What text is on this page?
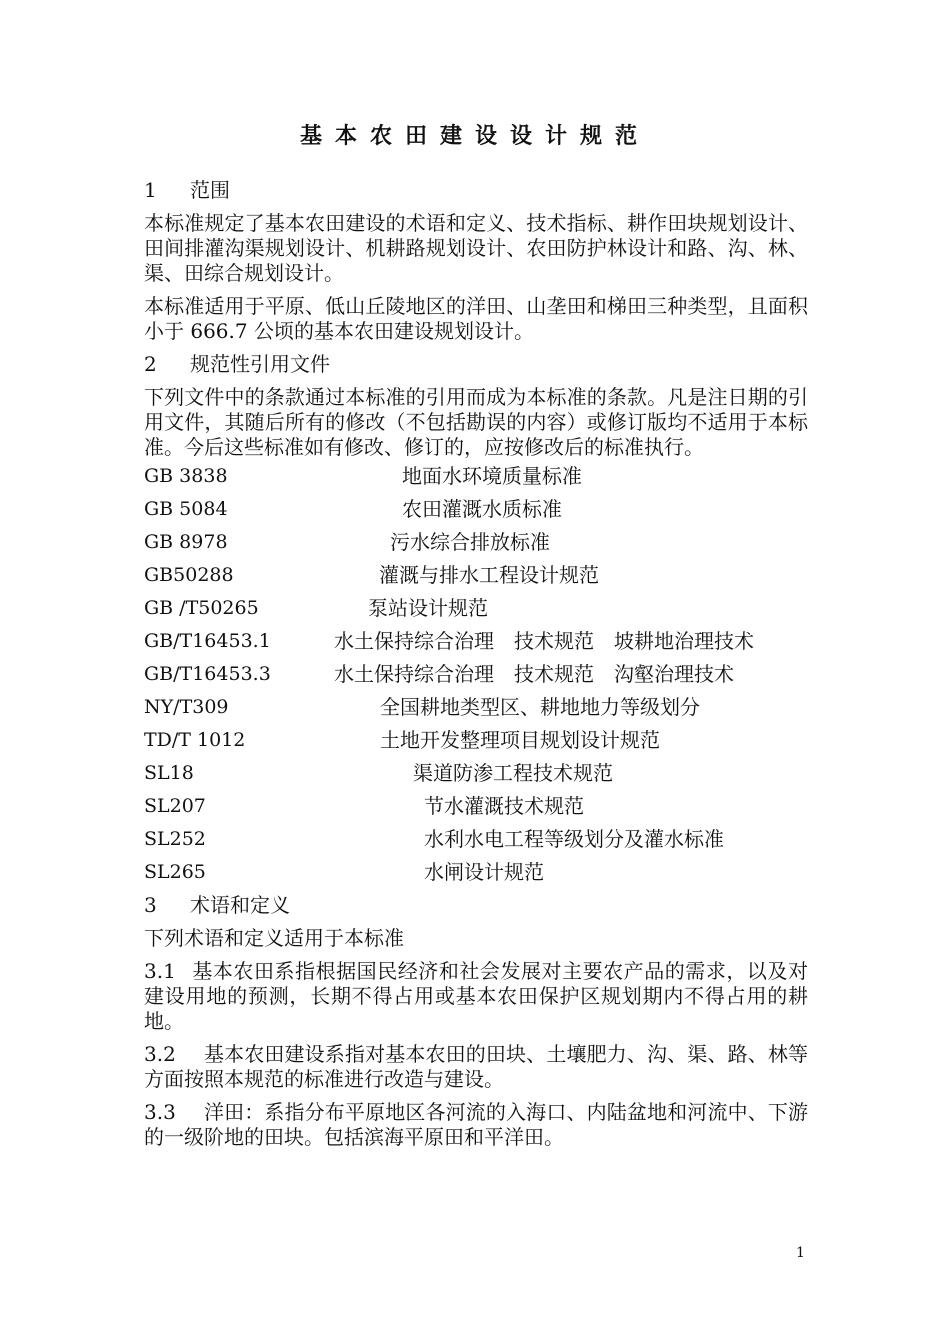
基本农田建设设计规范
1 范围
本标准规定了基本农田建设的术语和定义、技术指标、耕作田块规划设计、田间排灌沟渠规划设计、机耕路规划设计、农田防护林设计和路、沟、林、渠、田综合规划设计。
本标准适用于平原、低山丘陵地区的洋田、山垄田和梯田三种类型，且面积小于 666.7 公顷的基本农田建设规划设计。
2 规范性引用文件
下列文件中的条款通过本标准的引用而成为本标准的条款。凡是注日期的引用文件，其随后所有的修改（不包括勘误的内容）或修订版均不适用于本标准。今后这些标准如有修改、修订的，应按修改后的标准执行。
GB 3838	地面水环境质量标准
GB 5084	农田灌溉水质标准
GB 8978	污水综合排放标准
GB50288	灌溉与排水工程设计规范
GB /T50265	泵站设计规范
GB/T16453.1	水土保持综合治理　技术规范　坡耕地治理技术
GB/T16453.3	水土保持综合治理　技术规范　沟壑治理技术
NY/T309	全国耕地类型区、耕地地力等级划分
TD/T 1012	土地开发整理项目规划设计规范
SL18	渠道防渗工程技术规范
SL207	节水灌溉技术规范
SL252	水利水电工程等级划分及灌水标准
SL265	水闸设计规范
3 术语和定义
下列术语和定义适用于本标准
3.1 基本农田系指根据国民经济和社会发展对主要农产品的需求，以及对建设用地的预测，长期不得占用或基本农田保护区规划期内不得占用的耕地。
3.2 基本农田建设系指对基本农田的田块、土壤肥力、沟、渠、路、林等方面按照本规范的标准进行改造与建设。
3.3 洋田：系指分布平原地区各河流的入海口、内陆盆地和河流中、下游的一级阶地的田块。包括滨海平原田和平洋田。
1
